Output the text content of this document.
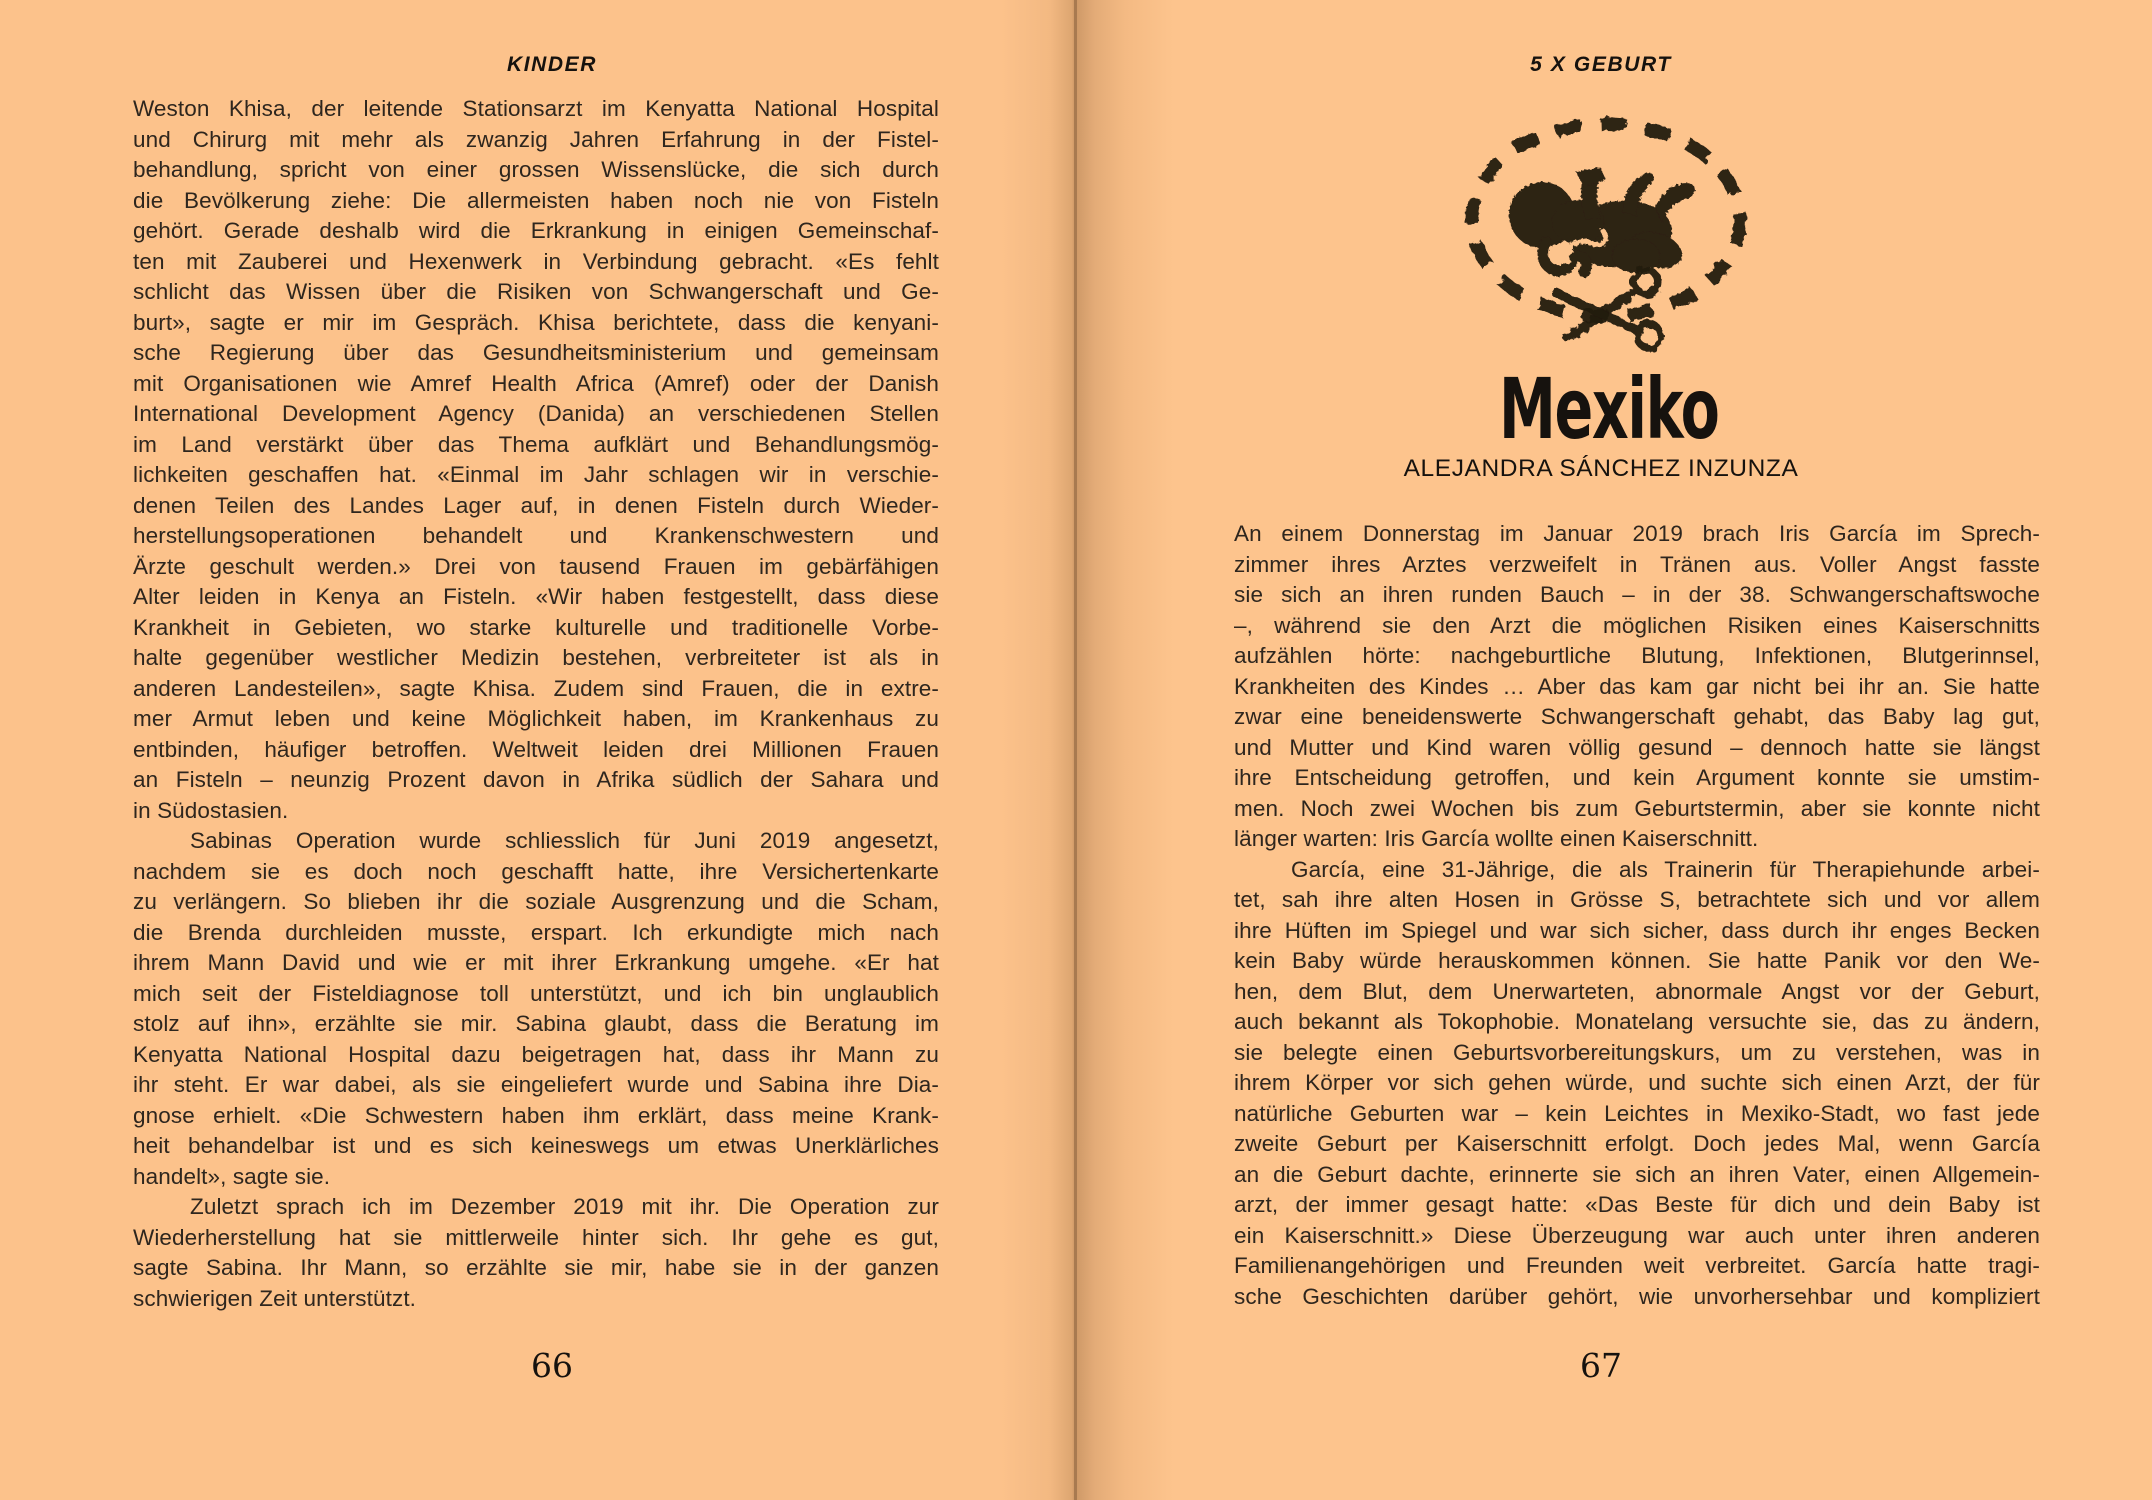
KINDER
Weston Khisa, der leitende Stationsarzt im Kenyatta National Hospital
und Chirurg mit mehr als zwanzig Jahren Erfahrung in der Fistel-
behandlung, spricht von einer grossen Wissenslücke, die sich durch
die Bevölkerung ziehe: Die allermeisten haben noch nie von Fisteln
gehört. Gerade deshalb wird die Erkrankung in einigen Gemeinschaf-
ten mit Zauberei und Hexenwerk in Verbindung gebracht. «Es fehlt
schlicht das Wissen über die Risiken von Schwangerschaft und Ge-
burt», sagte er mir im Gespräch. Khisa berichtete, dass die kenyani-
sche Regierung über das Gesundheitsministerium und gemeinsam
mit Organisationen wie Amref Health Africa (Amref) oder der Danish
International Development Agency (Danida) an verschiedenen Stellen
im Land verstärkt über das Thema aufklärt und Behandlungsmög-
lichkeiten geschaffen hat. «Einmal im Jahr schlagen wir in verschie-
denen Teilen des Landes Lager auf, in denen Fisteln durch Wieder-
herstellungsoperationen behandelt und Krankenschwestern und
Ärzte geschult werden.» Drei von tausend Frauen im gebärfähigen
Alter leiden in Kenya an Fisteln. «Wir haben festgestellt, dass diese
Krankheit in Gebieten, wo starke kulturelle und traditionelle Vorbe-
halte gegenüber westlicher Medizin bestehen, verbreiteter ist als in
anderen Landesteilen», sagte Khisa. Zudem sind Frauen, die in extre-
mer Armut leben und keine Möglichkeit haben, im Krankenhaus zu
entbinden, häufiger betroffen. Weltweit leiden drei Millionen Frauen
an Fisteln – neunzig Prozent davon in Afrika südlich der Sahara und
in Südostasien.
Sabinas Operation wurde schliesslich für Juni 2019 angesetzt,
nachdem sie es doch noch geschafft hatte, ihre Versichertenkarte
zu verlängern. So blieben ihr die soziale Ausgrenzung und die Scham,
die Brenda durchleiden musste, erspart. Ich erkundigte mich nach
ihrem Mann David und wie er mit ihrer Erkrankung umgehe. «Er hat
mich seit der Fisteldiagnose toll unterstützt, und ich bin unglaublich
stolz auf ihn», erzählte sie mir. Sabina glaubt, dass die Beratung im
Kenyatta National Hospital dazu beigetragen hat, dass ihr Mann zu
ihr steht. Er war dabei, als sie eingeliefert wurde und Sabina ihre Dia-
gnose erhielt. «Die Schwestern haben ihm erklärt, dass meine Krank-
heit behandelbar ist und es sich keineswegs um etwas Unerklärliches
handelt», sagte sie.
Zuletzt sprach ich im Dezember 2019 mit ihr. Die Operation zur
Wiederherstellung hat sie mittlerweile hinter sich. Ihr gehe es gut,
sagte Sabina. Ihr Mann, so erzählte sie mir, habe sie in der ganzen
schwierigen Zeit unterstützt.
66
5 X GEBURT
Mexiko
ALEJANDRA SÁNCHEZ INZUNZA
An einem Donnerstag im Januar 2019 brach Iris García im Sprech-
zimmer ihres Arztes verzweifelt in Tränen aus. Voller Angst fasste
sie sich an ihren runden Bauch – in der 38. Schwangerschaftswoche
–, während sie den Arzt die möglichen Risiken eines Kaiserschnitts
aufzählen hörte: nachgeburtliche Blutung, Infektionen, Blutgerinnsel,
Krankheiten des Kindes … Aber das kam gar nicht bei ihr an. Sie hatte
zwar eine beneidenswerte Schwangerschaft gehabt, das Baby lag gut,
und Mutter und Kind waren völlig gesund – dennoch hatte sie längst
ihre Entscheidung getroffen, und kein Argument konnte sie umstim-
men. Noch zwei Wochen bis zum Geburtstermin, aber sie konnte nicht
länger warten: Iris García wollte einen Kaiserschnitt.
García, eine 31-Jährige, die als Trainerin für Therapiehunde arbei-
tet, sah ihre alten Hosen in Grösse S, betrachtete sich und vor allem
ihre Hüften im Spiegel und war sich sicher, dass durch ihr enges Becken
kein Baby würde herauskommen können. Sie hatte Panik vor den We-
hen, dem Blut, dem Unerwarteten, abnormale Angst vor der Geburt,
auch bekannt als Tokophobie. Monatelang versuchte sie, das zu ändern,
sie belegte einen Geburtsvorbereitungskurs, um zu verstehen, was in
ihrem Körper vor sich gehen würde, und suchte sich einen Arzt, der für
natürliche Geburten war – kein Leichtes in Mexiko-Stadt, wo fast jede
zweite Geburt per Kaiserschnitt erfolgt. Doch jedes Mal, wenn García
an die Geburt dachte, erinnerte sie sich an ihren Vater, einen Allgemein-
arzt, der immer gesagt hatte: «Das Beste für dich und dein Baby ist
ein Kaiserschnitt.» Diese Überzeugung war auch unter ihren anderen
Familienangehörigen und Freunden weit verbreitet. García hatte tragi-
sche Geschichten darüber gehört, wie unvorhersehbar und kompliziert
67
